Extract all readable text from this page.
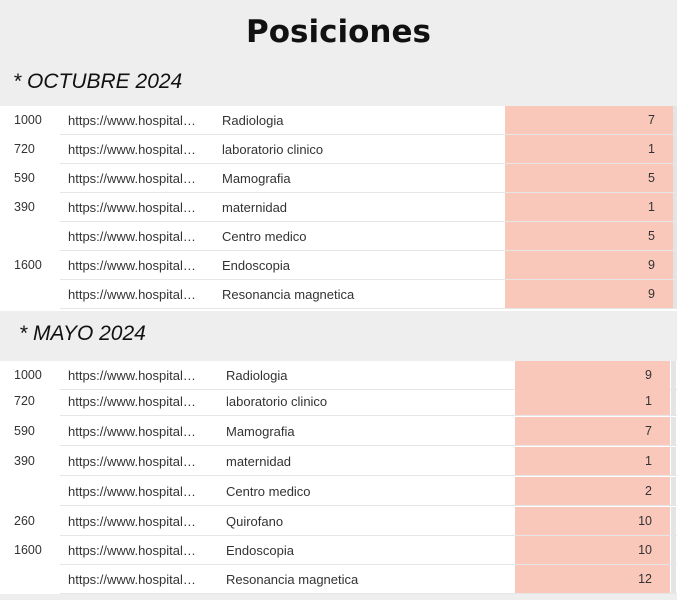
Posiciones
* OCTUBRE 2024
1000 https://www.hospital… Radiologia	7
720	https://www.hospital… laboratorio clinico	1
590	https://www.hospital… Mamografia	5
390	https://www.hospital… maternidad	1
https://www.hospital… Centro medico	5
1600 https://www.hospital… Endoscopia	9
https://www.hospital… Resonancia magnetica	9
* MAYO 2024
1000 https://www.hospital… Radiologia	9
720	https://www.hospital… laboratorio clinico	1
590	https://www.hospital… Mamografia	7
390	https://www.hospital… maternidad	1
https://www.hospital… Centro medico	2
260	https://www.hospital… Quirofano	10
1600 https://www.hospital… Endoscopia	10
https://www.hospital… Resonancia magnetica	12
